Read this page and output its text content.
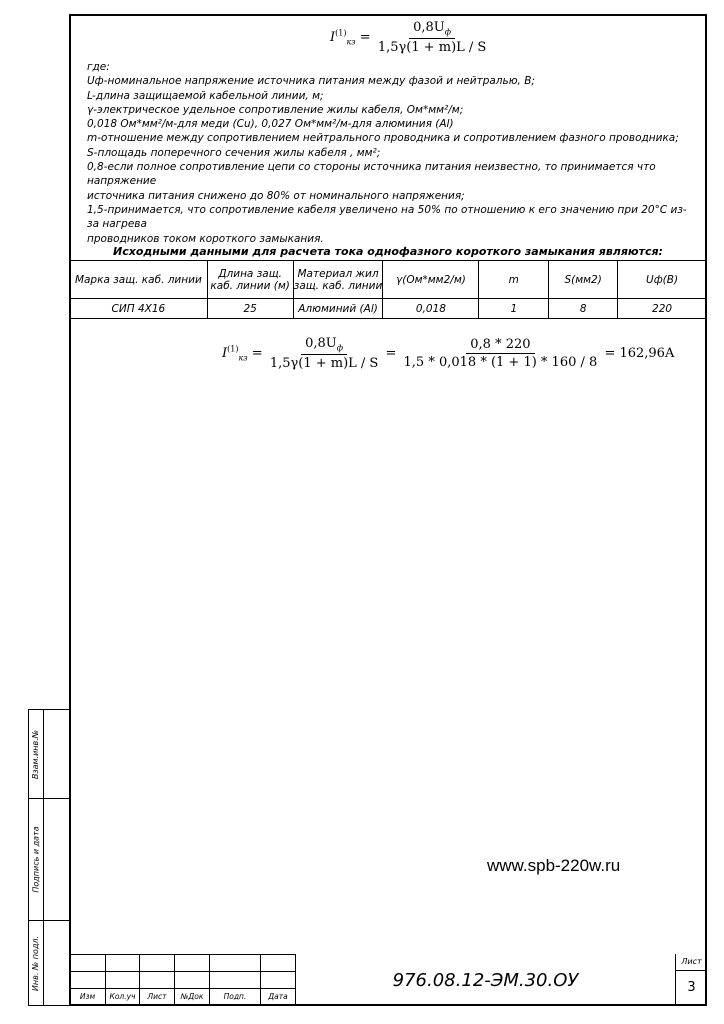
Взам.инв.№
Подпись и дата
Инв. № подл.
$I^{(1)}_{кз} = \frac{0,8U_ф}{1,5\gamma(1 + m)L / S}$

где:

Uф-номинальное напряжение источника питания между фазой и нейтралью, В;

L-длина защищаемой кабельной линии, м;

γ-электрическое удельное сопротивление жилы кабеля, Ом*мм²/м;

0,018 Ом*мм²/м-для меди (Cu), 0,027 Ом*мм²/м-для алюминия (Al)

m-отношение между сопротивлением нейтрального проводника и сопротивлением фазного проводника;

S-площадь поперечного сечения жилы кабеля , мм²;

0,8-если полное сопротивление цепи со стороны источника питания неизвестно, то принимается что напряжение

источника питания снижено до 80% от номинального напряжения;

1,5-принимается, что сопротивление кабеля увеличено на 50% по отношению к его значению при 20°С из-за нагрева

проводников током короткого замыкания.

Исходными данными для расчета тока однофазного короткого замыкания являются:
Марка защ. каб. линии	Длина защ. каб. линии (м)	Материал жил защ. каб. линии	γ(Ом*мм2/м)	m	S(мм2)	Uф(В)
СИП 4Х16	25	Алюминий (Al)	0,018	1	8	220
$I^{(1)}_{кз} = \frac{0,8U_ф}{1,5\gamma(1 + m)L / S} = \frac{0,8 * 220}{1,5 * 0,018 * (1 + 1) * 160 / 8} = 162,96A$
www.spb-220w.ru

Изм	Кол.уч	Лист	№Док	Подп.	Дата
976.08.12-ЭМ.30.ОУ
Лист
3
